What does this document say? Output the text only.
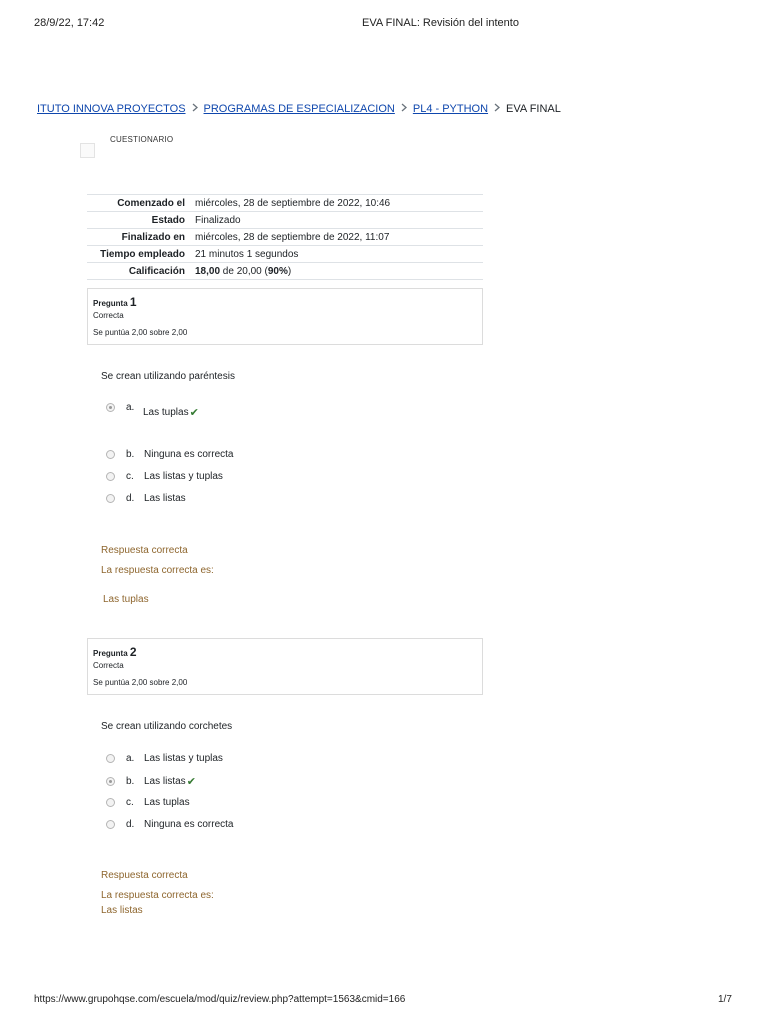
28/9/22, 17:42	EVA FINAL: Revisión del intento
ITUTO INNOVA PROYECTOS PROGRAMAS DE ESPECIALIZACION PL4 - PYTHON EVA FINAL
CUESTIONARIO
Comenzado el	miércoles, 28 de septiembre de 2022, 10:46
Estado	Finalizado
Finalizado en	miércoles, 28 de septiembre de 2022, 11:07
Tiempo empleado	21 minutos 1 segundos
Calificación	18,00 de 20,00 (90%)
Pregunta 1
Correcta
Se puntúa 2,00 sobre 2,00
Se crean utilizando paréntesis
a. Las tuplas ✔
b. Ninguna es correcta
c.	Las listas y tuplas
d. Las listas
Respuesta correcta
La respuesta correcta es:
Las tuplas
Pregunta 2
Correcta
Se puntúa 2,00 sobre 2,00
Se crean utilizando corchetes
a. Las listas y tuplas
b. Las listas ✔
c.	Las tuplas
d. Ninguna es correcta
Respuesta correcta
La respuesta correcta es:
Las listas
https://www.grupohqse.com/escuela/mod/quiz/review.php?attempt=1563&cmid=166	1/7
